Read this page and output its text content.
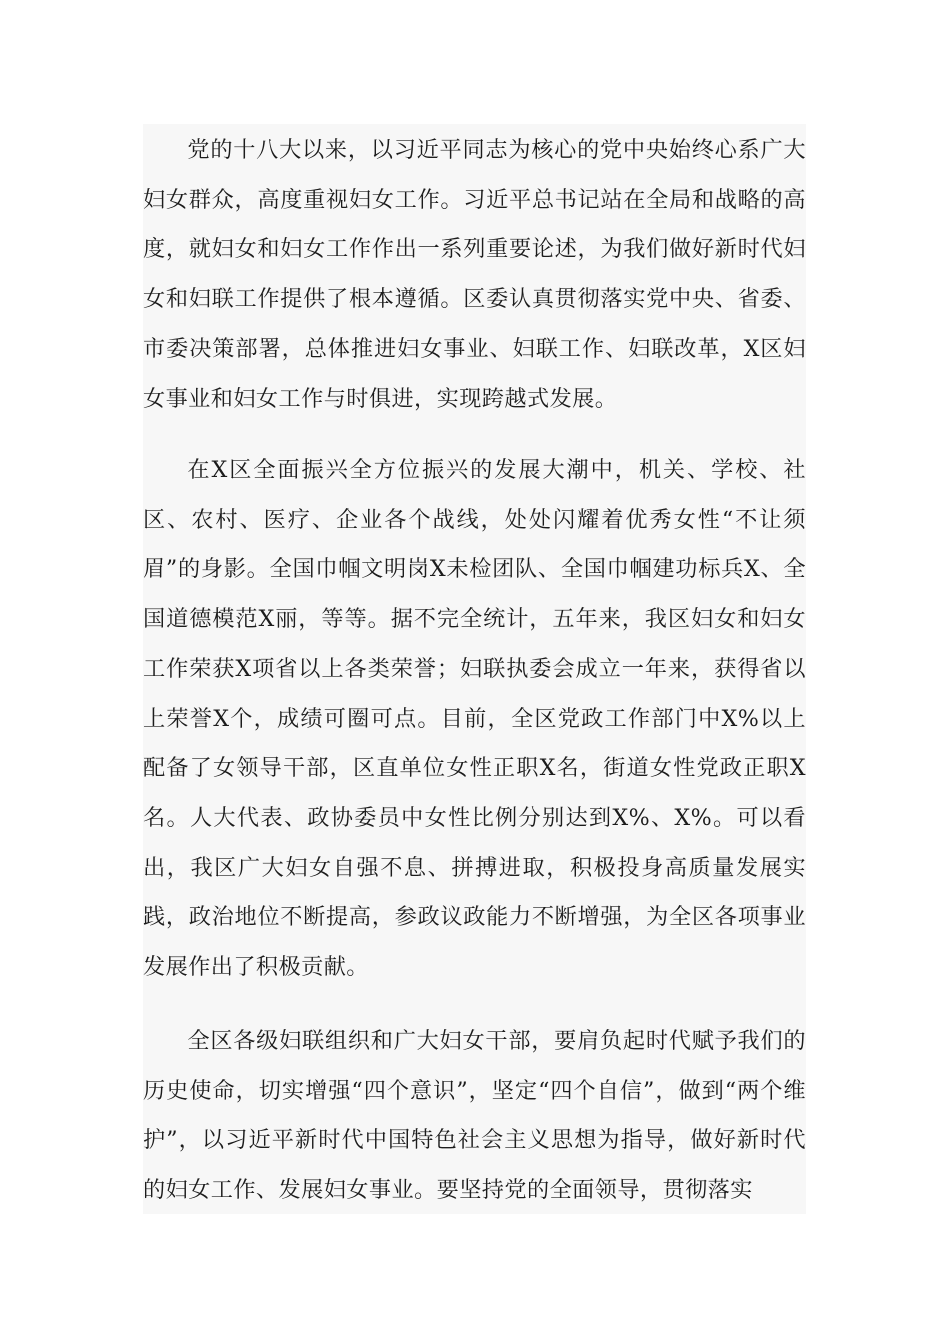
党的十八大以来，以习近平同志为核心的党中央始终心系广大妇女群众，高度重视妇女工作。习近平总书记站在全局和战略的高度，就妇女和妇女工作作出一系列重要论述，为我们做好新时代妇女和妇联工作提供了根本遵循。区委认真贯彻落实党中央、省委、市委决策部署，总体推进妇女事业、妇联工作、妇联改革，X区妇女事业和妇女工作与时俱进，实现跨越式发展。

在X区全面振兴全方位振兴的发展大潮中，机关、学校、社区、农村、医疗、企业各个战线，处处闪耀着优秀女性“不让须眉”的身影。全国巾帼文明岗X未检团队、全国巾帼建功标兵X、全国道德模范X丽，等等。据不完全统计，五年来，我区妇女和妇女工作荣获X项省以上各类荣誉；妇联执委会成立一年来，获得省以上荣誉X个，成绩可圈可点。目前，全区党政工作部门中X%以上配备了女领导干部，区直单位女性正职X名，街道女性党政正职X名。人大代表、政协委员中女性比例分别达到X%、X%。可以看出，我区广大妇女自强不息、拼搏进取，积极投身高质量发展实践，政治地位不断提高，参政议政能力不断增强，为全区各项事业发展作出了积极贡献。

全区各级妇联组织和广大妇女干部，要肩负起时代赋予我们的历史使命，切实增强“四个意识”，坚定“四个自信”，做到“两个维护”，以习近平新时代中国特色社会主义思想为指导，做好新时代的妇女工作、发展妇女事业。要坚持党的全面领导，贯彻落实
